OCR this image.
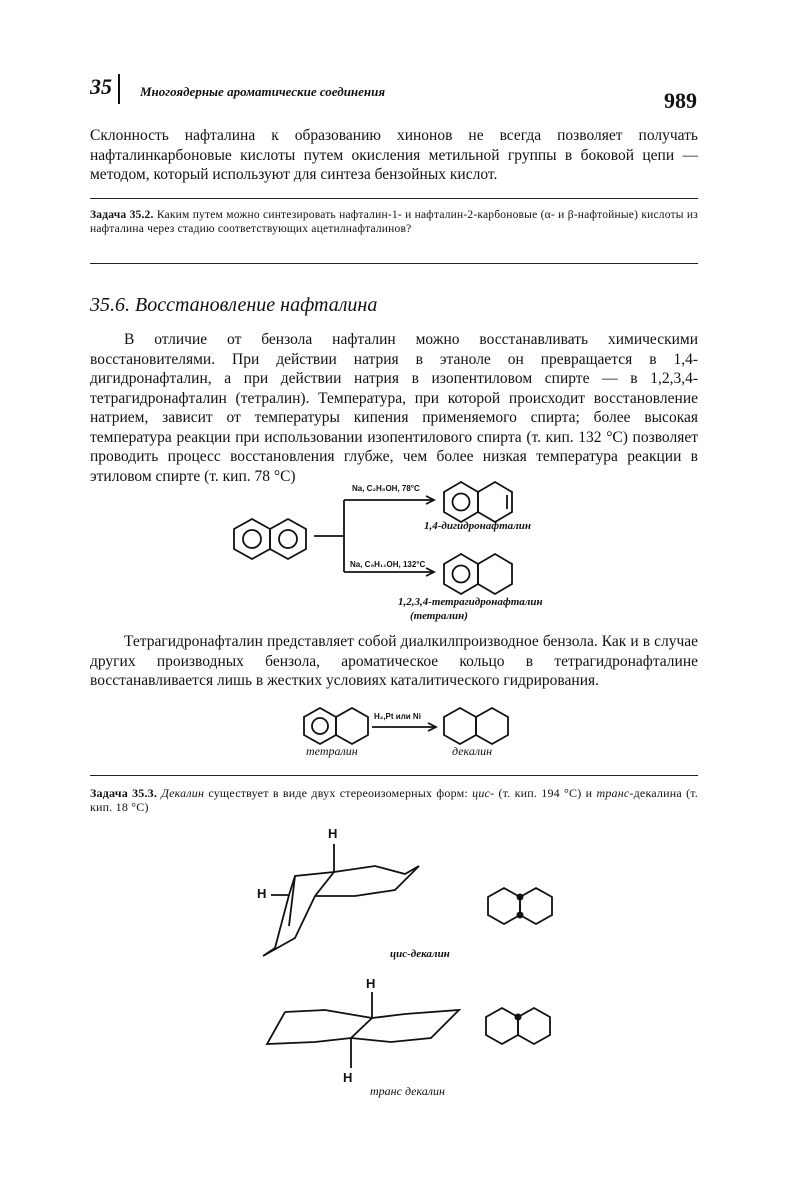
35 Многоядерные ароматические соединения	989
Склонность нафталина к образованию хинонов не всегда позволяет получать нафталинкарбоновые кислоты путем окисления метильной группы в боковой цепи — методом, который используют для синтеза бензойных кислот.
Задача 35.2. Каким путем можно синтезировать нафталин-1- и нафталин-2-карбоновые (α- и β-нафтойные) кислоты из нафталина через стадию соответствующих ацетилнафталинов?
35.6. Восстановление нафталина
В отличие от бензола нафталин можно восстанавливать химическими восстановителями. При действии натрия в этаноле он превращается в 1,4-дигидронафталин, а при действии натрия в изопентиловом спирте — в 1,2,3,4-тетрагидронафталин (тетралин). Температура, при которой происходит восстановление натрием, зависит от температуры кипения применяемого спирта; более высокая температура реакции при использовании изопентилового спирта (т. кип. 132 °C) позволяет проводить процесс восстановления глубже, чем более низкая температура реакции в этиловом спирте (т. кип. 78 °C)
Na, C₂H₅OH, 78°C
Na, C₅H₁₁OH, 132°C
1,4-дигидронафталин
1,2,3,4-тетрагидронафталин
(тетралин)
Тетрагидронафталин представляет собой диалкилпроизводное бензола. Как и в случае других производных бензола, ароматическое кольцо в тетрагидронафталине восстанавливается лишь в жестких условиях каталитического гидрирования.
H₂,Pt или Ni
тетралин	декалин
Задача 35.3. Декалин существует в виде двух стереоизомерных форм: цис- (т. кип. 194 °C) и транс-декалина (т. кип. 18 °C)
H
H
цис-декалин
H
H
транс декалин
